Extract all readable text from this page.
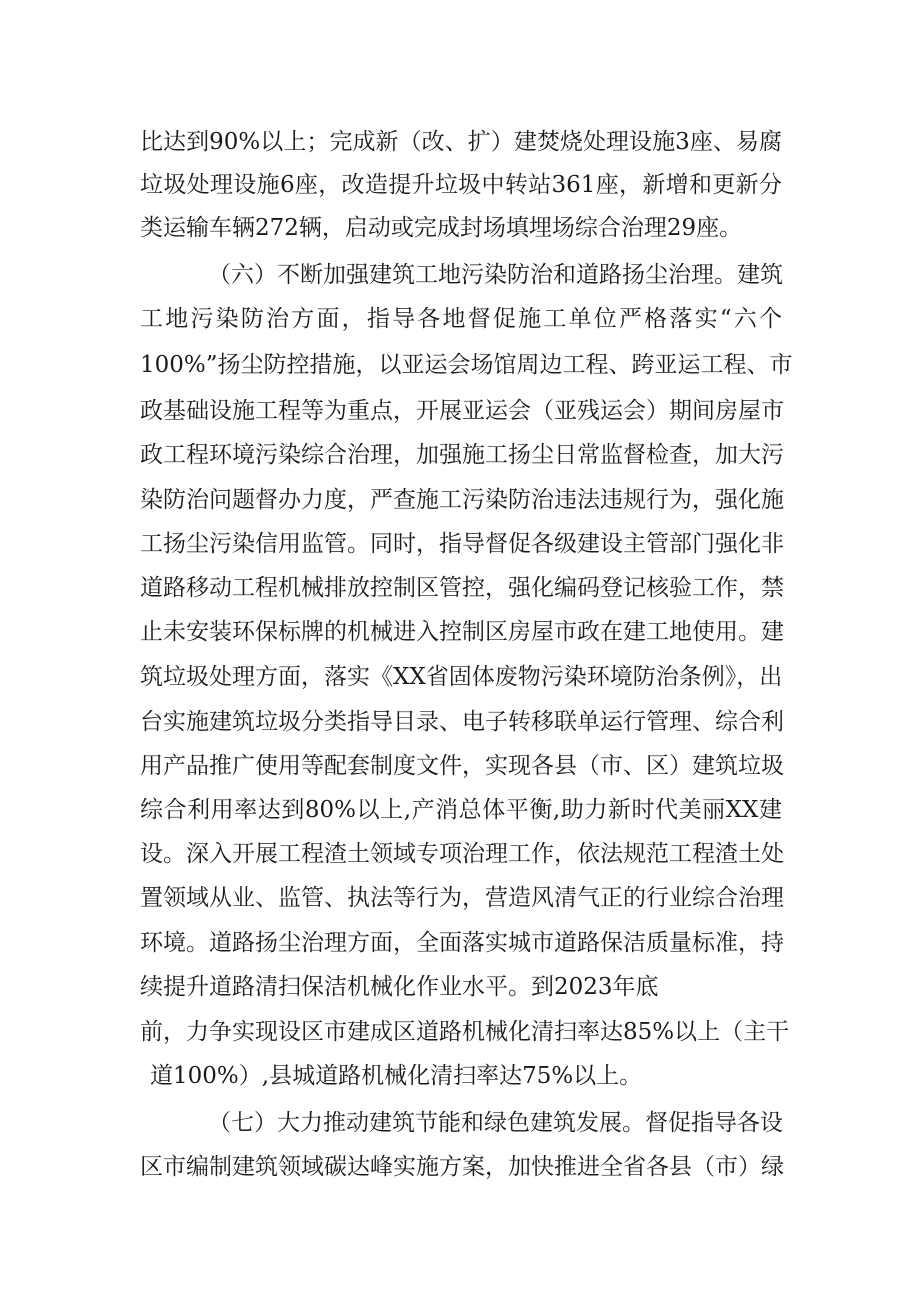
比达到90%以上；完成新（改、扩）建焚烧处理设施3座、易腐
垃圾处理设施6座，改造提升垃圾中转站361座，新增和更新分
类运输车辆272辆，启动或完成封场填埋场综合治理29座。
（六）不断加强建筑工地污染防治和道路扬尘治理。建筑
工地污染防治方面，指导各地督促施工单位严格落实“六个
100%”扬尘防控措施，以亚运会场馆周边工程、跨亚运工程、市
政基础设施工程等为重点，开展亚运会（亚残运会）期间房屋市
政工程环境污染综合治理，加强施工扬尘日常监督检查，加大污
染防治问题督办力度，严查施工污染防治违法违规行为，强化施
工扬尘污染信用监管。同时，指导督促各级建设主管部门强化非
道路移动工程机械排放控制区管控，强化编码登记核验工作，禁
止未安装环保标牌的机械进入控制区房屋市政在建工地使用。建
筑垃圾处理方面，落实《XX省固体废物污染环境防治条例》，出
台实施建筑垃圾分类指导目录、电子转移联单运行管理、综合利
用产品推广使用等配套制度文件，实现各县（市、区）建筑垃圾
综合利用率达到80%以上,产消总体平衡,助力新时代美丽XX建
设。深入开展工程渣土领域专项治理工作，依法规范工程渣土处
置领域从业、监管、执法等行为，营造风清气正的行业综合治理
环境。道路扬尘治理方面，全面落实城市道路保洁质量标准，持
续提升道路清扫保洁机械化作业水平。到2023年底
前，力争实现设区市建成区道路机械化清扫率达85%以上（主干
道100%）,县城道路机械化清扫率达75%以上。
（七）大力推动建筑节能和绿色建筑发展。督促指导各设
区市编制建筑领域碳达峰实施方案，加快推进全省各县（市）绿
